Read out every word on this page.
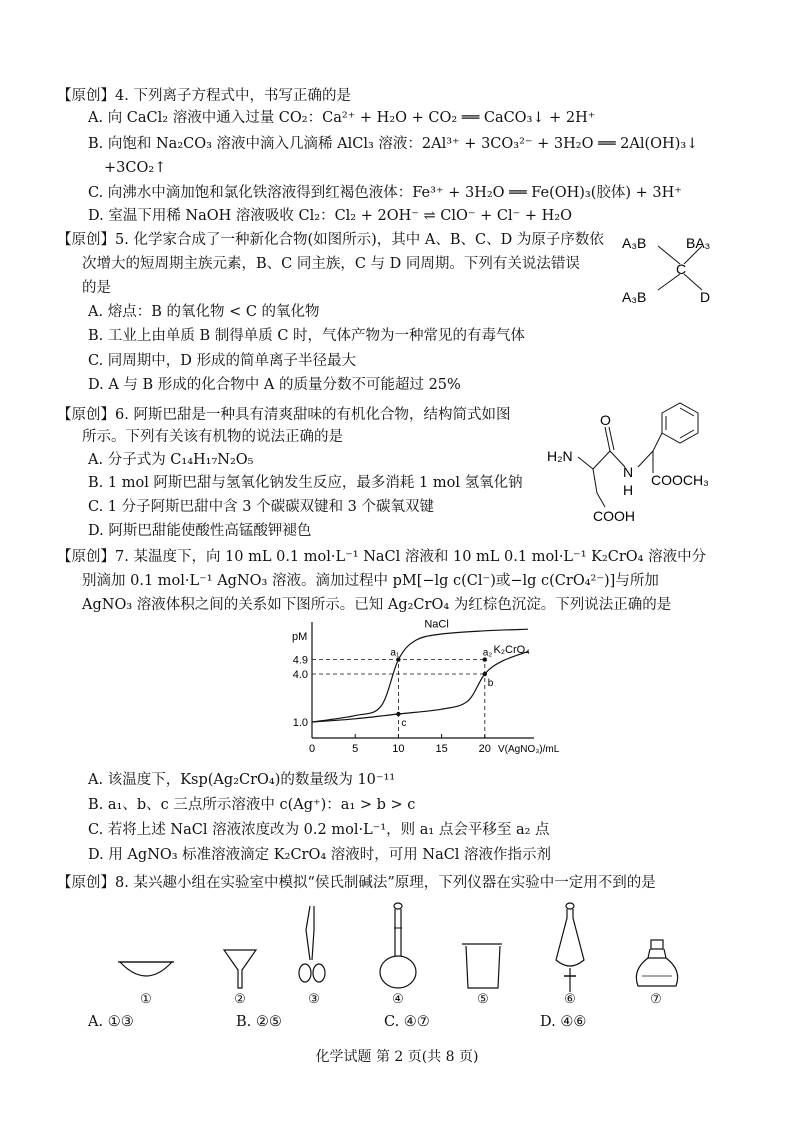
【原创】4. 下列离子方程式中，书写正确的是
A. 向 CaCl₂ 溶液中通入过量 CO₂：Ca²⁺ + H₂O + CO₂ ══ CaCO₃↓ + 2H⁺
B. 向饱和 Na₂CO₃ 溶液中滴入几滴稀 AlCl₃ 溶液：2Al³⁺ + 3CO₃²⁻ + 3H₂O ══ 2Al(OH)₃↓
+3CO₂↑
C. 向沸水中滴加饱和氯化铁溶液得到红褐色液体：Fe³⁺ + 3H₂O ══ Fe(OH)₃(胶体) + 3H⁺
D. 室温下用稀 NaOH 溶液吸收 Cl₂：Cl₂ + 2OH⁻ ⇌ ClO⁻ + Cl⁻ + H₂O
【原创】5. 化学家合成了一种新化合物(如图所示)，其中 A、B、C、D 为原子序数依
次增大的短周期主族元素，B、C 同主族，C 与 D 同周期。下列有关说法错误
的是
A. 熔点：B 的氧化物 < C 的氧化物
B. 工业上由单质 B 制得单质 C 时，气体产物为一种常见的有毒气体
C. 同周期中，D 形成的简单离子半径最大
D. A 与 B 形成的化合物中 A 的质量分数不可能超过 25%
A₃B	BA₃
C
A₃B	D
【原创】6. 阿斯巴甜是一种具有清爽甜味的有机化合物，结构简式如图
所示。下列有关该有机物的说法正确的是
A. 分子式为 C₁₄H₁₇N₂O₅
B. 1 mol 阿斯巴甜与氢氧化钠发生反应，最多消耗 1 mol 氢氧化钠
C. 1 分子阿斯巴甜中含 3 个碳碳双键和 3 个碳氧双键
D. 阿斯巴甜能使酸性高锰酸钾褪色
H₂N
O
N
H
COOCH₃
COOH
【原创】7. 某温度下，向 10 mL 0.1 mol·L⁻¹ NaCl 溶液和 10 mL 0.1 mol·L⁻¹ K₂CrO₄ 溶液中分
别滴加 0.1 mol·L⁻¹ AgNO₃ 溶液。滴加过程中 pM[−lg c(Cl⁻)或−lg c(CrO₄²⁻)]与所加
AgNO₃ 溶液体积之间的关系如下图所示。已知 Ag₂CrO₄ 为红棕色沉淀。下列说法正确的是
NaCl
K₂CrO₄
a₁	a₂
b
c
0	5	10	15	20
1.0
4.0
4.9
pM
V(AgNO₃)/mL
A. 该温度下，Ksp(Ag₂CrO₄)的数量级为 10⁻¹¹
B. a₁、b、c 三点所示溶液中 c(Ag⁺)：a₁ > b > c
C. 若将上述 NaCl 溶液浓度改为 0.2 mol·L⁻¹，则 a₁ 点会平移至 a₂ 点
D. 用 AgNO₃ 标准溶液滴定 K₂CrO₄ 溶液时，可用 NaCl 溶液作指示剂
【原创】8. 某兴趣小组在实验室中模拟“侯氏制碱法”原理，下列仪器在实验中一定用不到的是
①	②	③	④	⑤	⑥	⑦
A. ①③	B. ②⑤	C. ④⑦	D. ④⑥
化学试题 第 2 页(共 8 页)
